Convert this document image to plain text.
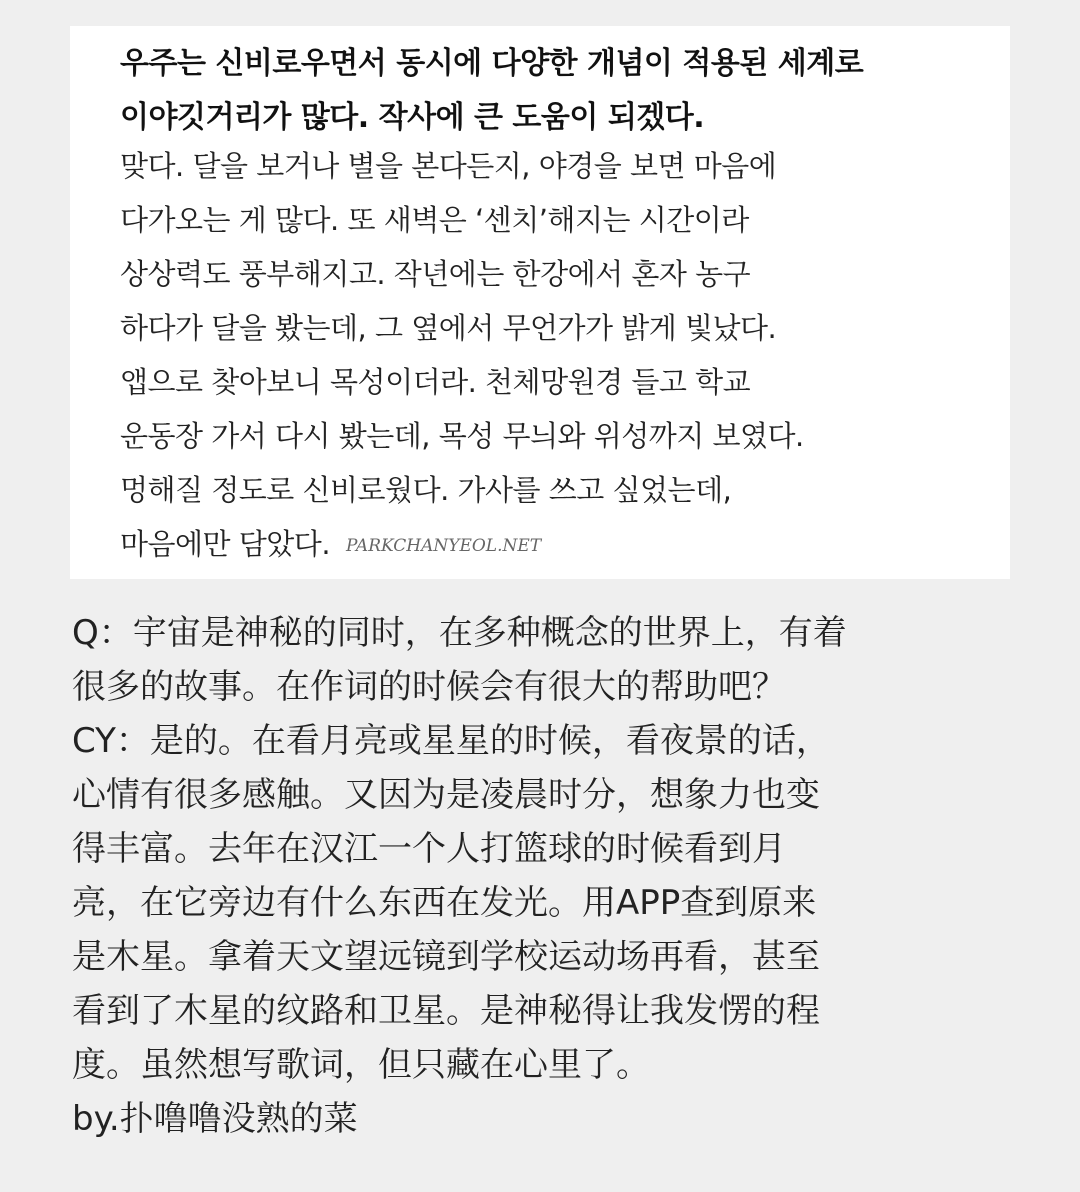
우주는 신비로우면서 동시에 다양한 개념이 적용된 세계로

이야깃거리가 많다. 작사에 큰 도움이 되겠다.

맞다. 달을 보거나 별을 본다든지, 야경을 보면 마음에

다가오는 게 많다. 또 새벽은 ‘센치’해지는 시간이라

상상력도 풍부해지고. 작년에는 한강에서 혼자 농구

하다가 달을 봤는데, 그 옆에서 무언가가 밝게 빛났다.

앱으로 찾아보니 목성이더라. 천체망원경 들고 학교

운동장 가서 다시 봤는데, 목성 무늬와 위성까지 보였다.

멍해질 정도로 신비로웠다. 가사를 쓰고 싶었는데,

마음에만 담았다. PARKCHANYEOL.NET

Q：宇宙是神秘的同时，在多种概念的世界上，有着
很多的故事。在作词的时候会有很大的帮助吧？
CY：是的。在看月亮或星星的时候，看夜景的话，
心情有很多感触。又因为是凌晨时分，想象力也变
得丰富。去年在汉江一个人打篮球的时候看到月
亮，在它旁边有什么东西在发光。用APP查到原来
是木星。拿着天文望远镜到学校运动场再看，甚至
看到了木星的纹路和卫星。是神秘得让我发愣的程
度。虽然想写歌词，但只藏在心里了。
by.扑噜噜没熟的菜
